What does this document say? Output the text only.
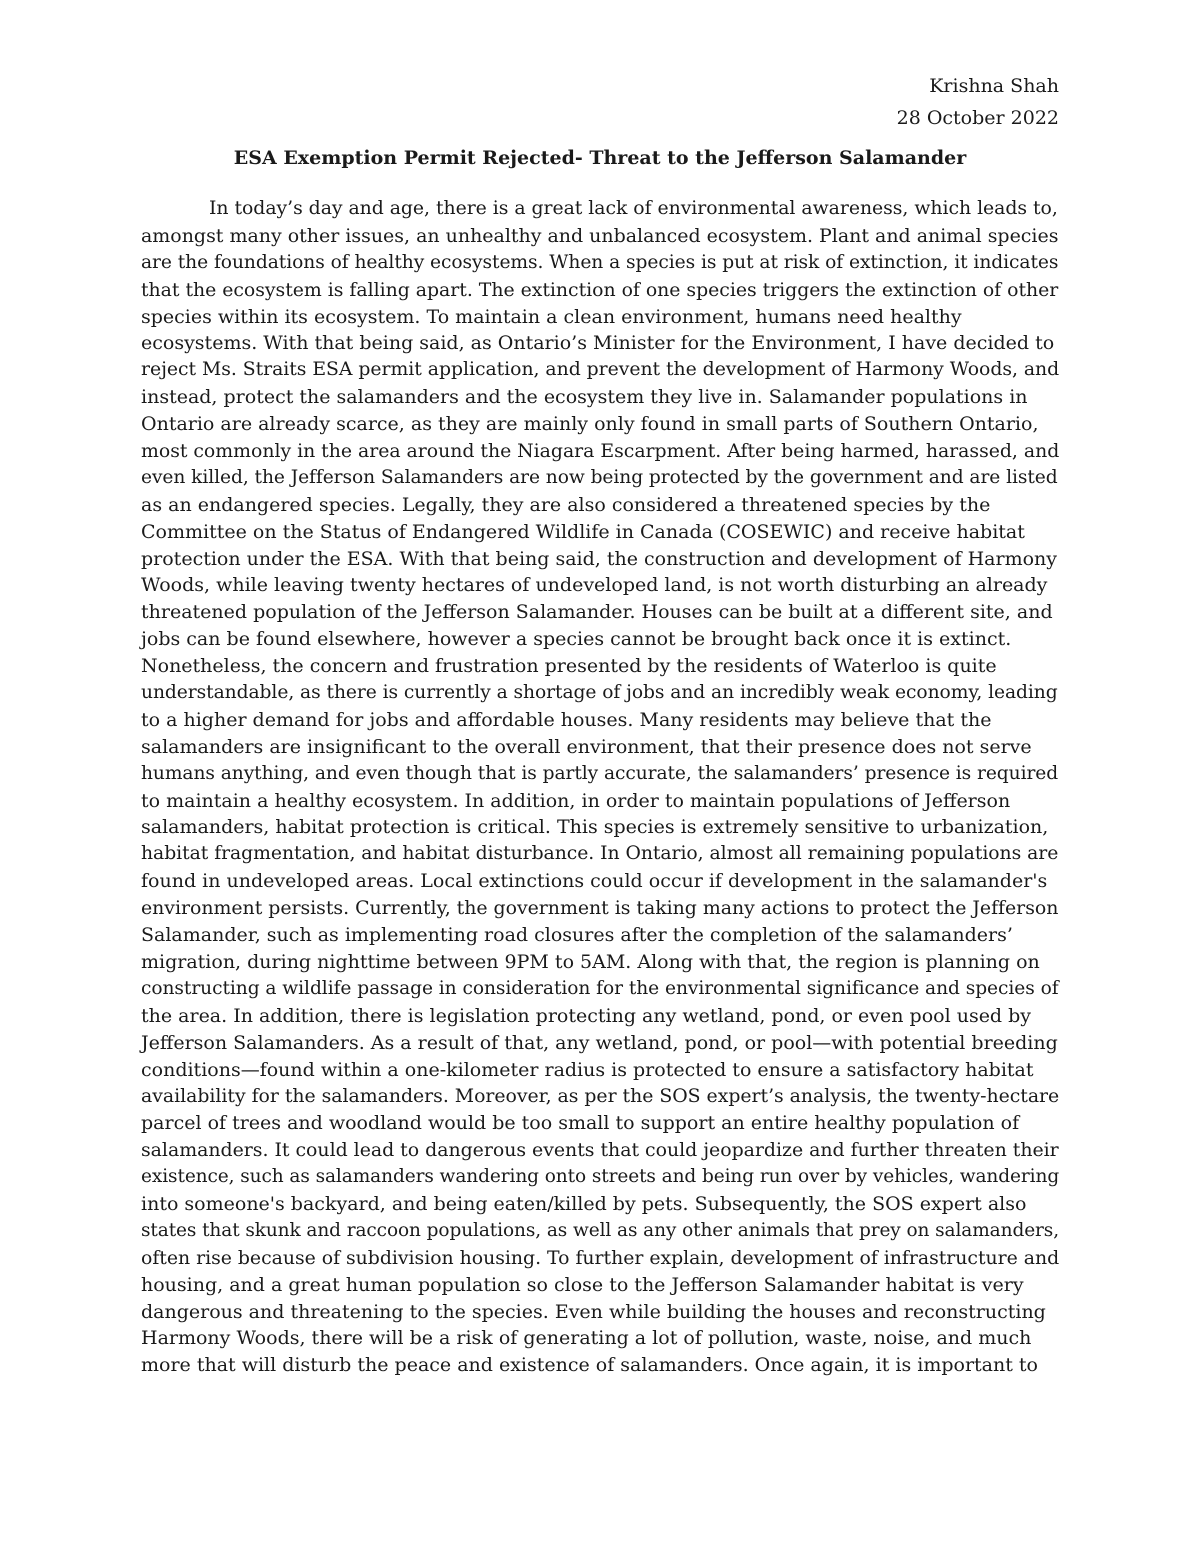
Krishna Shah
28 October 2022
ESA Exemption Permit Rejected- Threat to the Jefferson Salamander
In today’s day and age, there is a great lack of environmental awareness, which leads to,
amongst many other issues, an unhealthy and unbalanced ecosystem. Plant and animal species
are the foundations of healthy ecosystems. When a species is put at risk of extinction, it indicates
that the ecosystem is falling apart. The extinction of one species triggers the extinction of other
species within its ecosystem. To maintain a clean environment, humans need healthy
ecosystems. With that being said, as Ontario’s Minister for the Environment, I have decided to
reject Ms. Straits ESA permit application, and prevent the development of Harmony Woods, and
instead, protect the salamanders and the ecosystem they live in. Salamander populations in
Ontario are already scarce, as they are mainly only found in small parts of Southern Ontario,
most commonly in the area around the Niagara Escarpment. After being harmed, harassed, and
even killed, the Jefferson Salamanders are now being protected by the government and are listed
as an endangered species. Legally, they are also considered a threatened species by the
Committee on the Status of Endangered Wildlife in Canada (COSEWIC) and receive habitat
protection under the ESA. With that being said, the construction and development of Harmony
Woods, while leaving twenty hectares of undeveloped land, is not worth disturbing an already
threatened population of the Jefferson Salamander. Houses can be built at a different site, and
jobs can be found elsewhere, however a species cannot be brought back once it is extinct.
Nonetheless, the concern and frustration presented by the residents of Waterloo is quite
understandable, as there is currently a shortage of jobs and an incredibly weak economy, leading
to a higher demand for jobs and affordable houses. Many residents may believe that the
salamanders are insignificant to the overall environment, that their presence does not serve
humans anything, and even though that is partly accurate, the salamanders’ presence is required
to maintain a healthy ecosystem. In addition, in order to maintain populations of Jefferson
salamanders, habitat protection is critical. This species is extremely sensitive to urbanization,
habitat fragmentation, and habitat disturbance. In Ontario, almost all remaining populations are
found in undeveloped areas. Local extinctions could occur if development in the salamander's
environment persists. Currently, the government is taking many actions to protect the Jefferson
Salamander, such as implementing road closures after the completion of the salamanders’
migration, during nighttime between 9PM to 5AM. Along with that, the region is planning on
constructing a wildlife passage in consideration for the environmental significance and species of
the area. In addition, there is legislation protecting any wetland, pond, or even pool used by
Jefferson Salamanders. As a result of that, any wetland, pond, or pool—with potential breeding
conditions—found within a one-kilometer radius is protected to ensure a satisfactory habitat
availability for the salamanders. Moreover, as per the SOS expert’s analysis, the twenty-hectare
parcel of trees and woodland would be too small to support an entire healthy population of
salamanders. It could lead to dangerous events that could jeopardize and further threaten their
existence, such as salamanders wandering onto streets and being run over by vehicles, wandering
into someone's backyard, and being eaten/killed by pets. Subsequently, the SOS expert also
states that skunk and raccoon populations, as well as any other animals that prey on salamanders,
often rise because of subdivision housing. To further explain, development of infrastructure and
housing, and a great human population so close to the Jefferson Salamander habitat is very
dangerous and threatening to the species. Even while building the houses and reconstructing
Harmony Woods, there will be a risk of generating a lot of pollution, waste, noise, and much
more that will disturb the peace and existence of salamanders. Once again, it is important to
